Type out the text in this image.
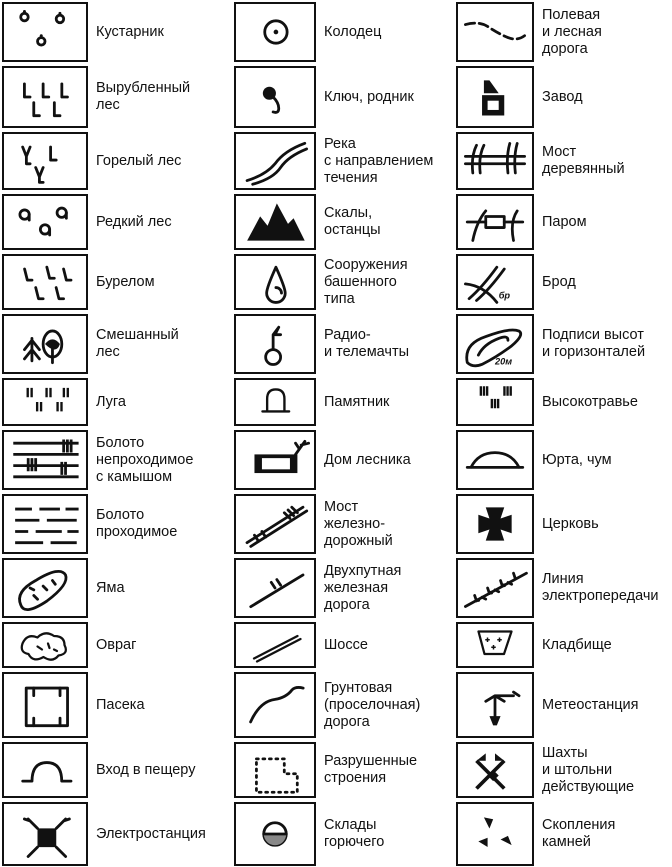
Кустарник
Вырубленный
лес
Горелый лес
Редкий лес
Бурелом
Смешанный
лес
Луга
Болото
непроходимое
с камышом
Болото
проходимое
Яма
Овраг
Пасека
Вход в пещеру
Электростанция
Колодец
Ключ, родник
Река
с направлением
течения
Скалы,
останцы
Сооружения
башенного
типа
Радио-
и телемачты
Памятник
Дом лесника
Мост
железно-
дорожный
Двухпутная
железная
дорога
Шоссе
Грунтовая
(проселочная)
дорога
Разрушенные
строения
Склады
горючего
Полевая
и лесная
дорога
Завод
Мост
деревянный
Паром
бр
Брод
20м
Подписи высот
и горизонталей
Высокотравье
Юрта, чум
Церковь
Линия
электропередачи
Кладбище
Метеостанция
Шахты
и штольни
действующие
Скопления
камней
